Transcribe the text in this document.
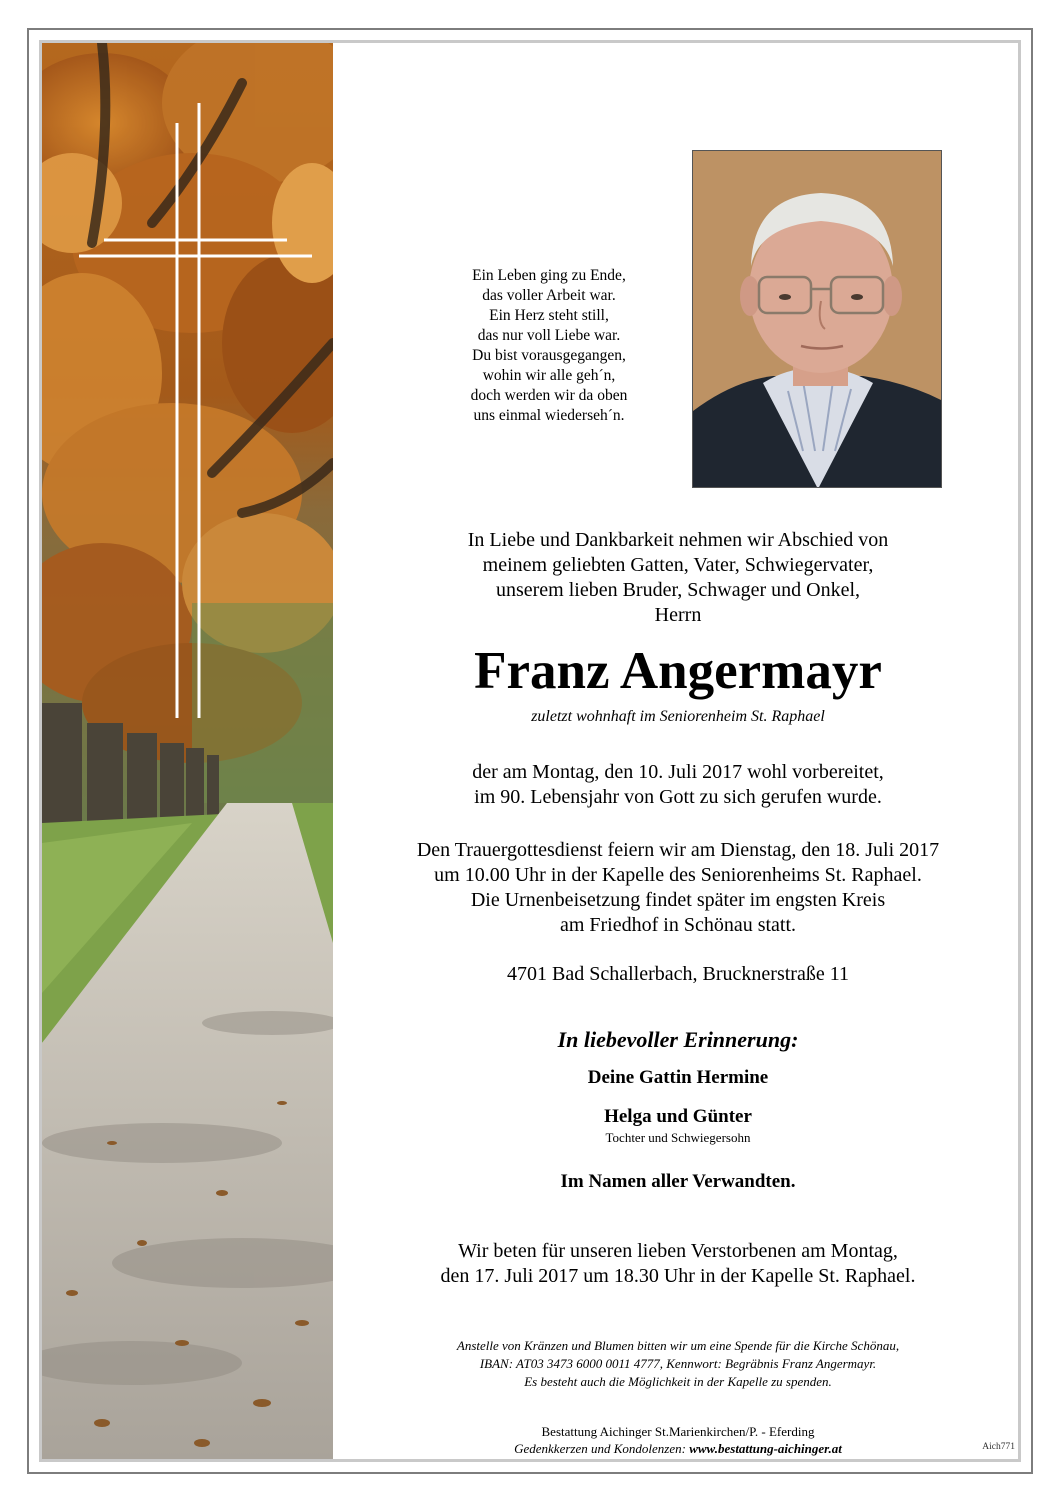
Ein Leben ging zu Ende,
das voller Arbeit war.
Ein Herz steht still,
das nur voll Liebe war.
Du bist vorausgegangen,
wohin wir alle geh´n,
doch werden wir da oben
uns einmal wiederseh´n.
In Liebe und Dankbarkeit nehmen wir Abschied von
meinem geliebten Gatten, Vater, Schwiegervater,
unserem lieben Bruder, Schwager und Onkel,
Herrn
Franz Angermayr
zuletzt wohnhaft im Seniorenheim St. Raphael
der am Montag, den 10. Juli 2017 wohl vorbereitet,
im 90. Lebensjahr von Gott zu sich gerufen wurde.
Den Trauergottesdienst feiern wir am Dienstag, den 18. Juli 2017
um 10.00 Uhr in der Kapelle des Seniorenheims St. Raphael.
Die Urnenbeisetzung findet später im engsten Kreis
am Friedhof in Schönau statt.
4701 Bad Schallerbach, Brucknerstraße 11
In liebevoller Erinnerung:
Deine Gattin Hermine
Helga und Günter
Tochter und Schwiegersohn
Im Namen aller Verwandten.
Wir beten für unseren lieben Verstorbenen am Montag,
den 17. Juli 2017 um 18.30 Uhr in der Kapelle St. Raphael.
Anstelle von Kränzen und Blumen bitten wir um eine Spende für die Kirche Schönau,
IBAN: AT03 3473 6000 0011 4777, Kennwort: Begräbnis Franz Angermayr.
Es besteht auch die Möglichkeit in der Kapelle zu spenden.
Bestattung Aichinger St.Marienkirchen/P. - Eferding
Gedenkkerzen und Kondolenzen: www.bestattung-aichinger.at	Aich771
